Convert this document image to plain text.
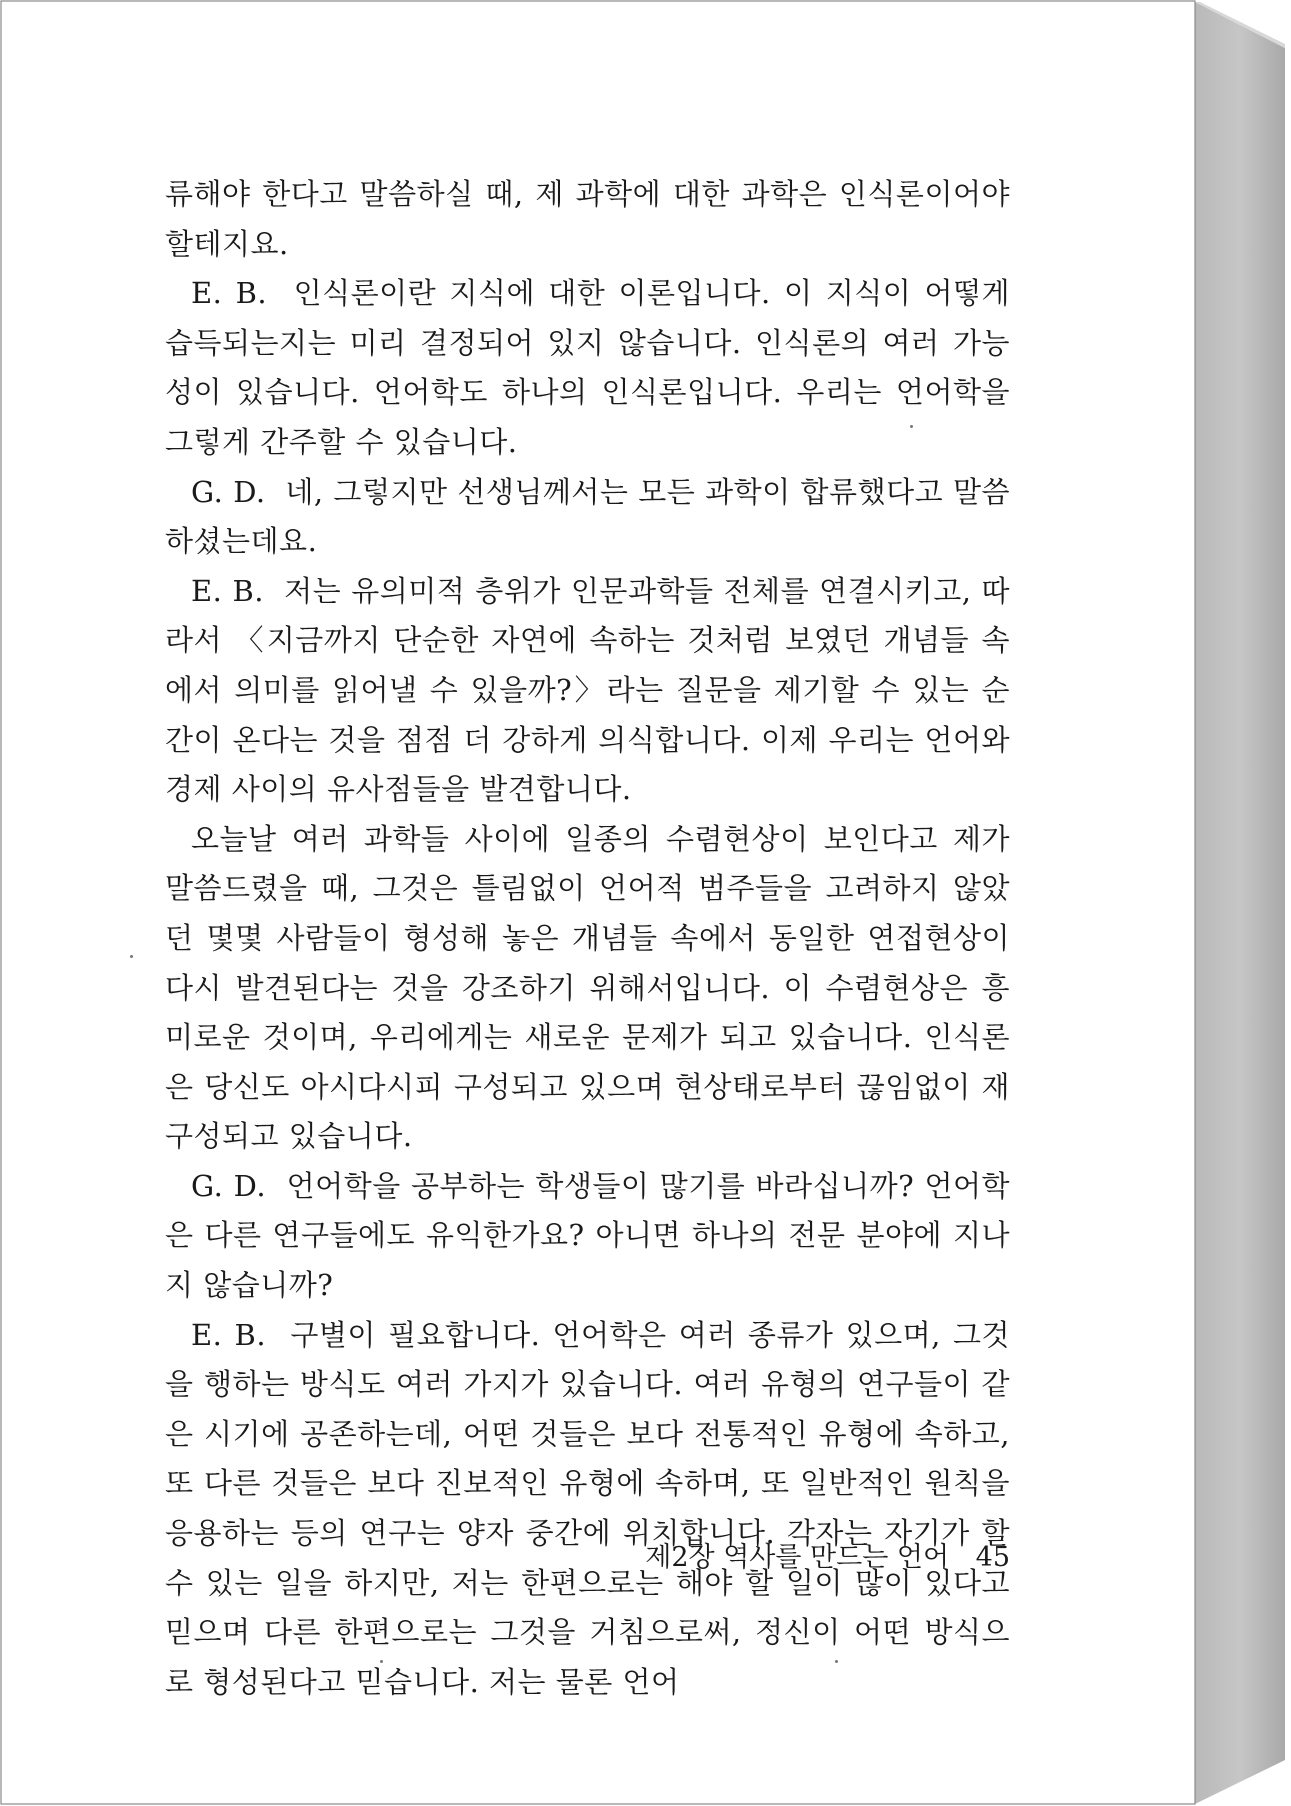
류해야 한다고 말씀하실 때, 제 과학에 대한 과학은 인식론이어야 할테지요.

E. B. 인식론이란 지식에 대한 이론입니다. 이 지식이 어떻게 습득되는지는 미리 결정되어 있지 않습니다. 인식론의 여러 가능성이 있습니다. 언어학도 하나의 인식론입니다. 우리는 언어학을 그렇게 간주할 수 있습니다.

G. D. 네, 그렇지만 선생님께서는 모든 과학이 합류했다고 말씀하셨는데요.

E. B. 저는 유의미적 층위가 인문과학들 전체를 연결시키고, 따라서 〈지금까지 단순한 자연에 속하는 것처럼 보였던 개념들 속에서 의미를 읽어낼 수 있을까?〉라는 질문을 제기할 수 있는 순간이 온다는 것을 점점 더 강하게 의식합니다. 이제 우리는 언어와 경제 사이의 유사점들을 발견합니다.

오늘날 여러 과학들 사이에 일종의 수렴현상이 보인다고 제가 말씀드렸을 때, 그것은 틀림없이 언어적 범주들을 고려하지 않았던 몇몇 사람들이 형성해 놓은 개념들 속에서 동일한 연접현상이 다시 발견된다는 것을 강조하기 위해서입니다. 이 수렴현상은 흥미로운 것이며, 우리에게는 새로운 문제가 되고 있습니다. 인식론은 당신도 아시다시피 구성되고 있으며 현상태로부터 끊임없이 재구성되고 있습니다.

G. D. 언어학을 공부하는 학생들이 많기를 바라십니까? 언어학은 다른 연구들에도 유익한가요? 아니면 하나의 전문 분야에 지나지 않습니까?

E. B. 구별이 필요합니다. 언어학은 여러 종류가 있으며, 그것을 행하는 방식도 여러 가지가 있습니다. 여러 유형의 연구들이 같은 시기에 공존하는데, 어떤 것들은 보다 전통적인 유형에 속하고, 또 다른 것들은 보다 진보적인 유형에 속하며, 또 일반적인 원칙을 응용하는 등의 연구는 양자 중간에 위치합니다. 각자는 자기가 할 수 있는 일을 하지만, 저는 한편으로는 해야 할 일이 많이 있다고 믿으며 다른 한편으로는 그것을 거침으로써, 정신이 어떤 방식으로 형성된다고 믿습니다. 저는 물론 언어

제2장 역사를 만드는 언어 45
